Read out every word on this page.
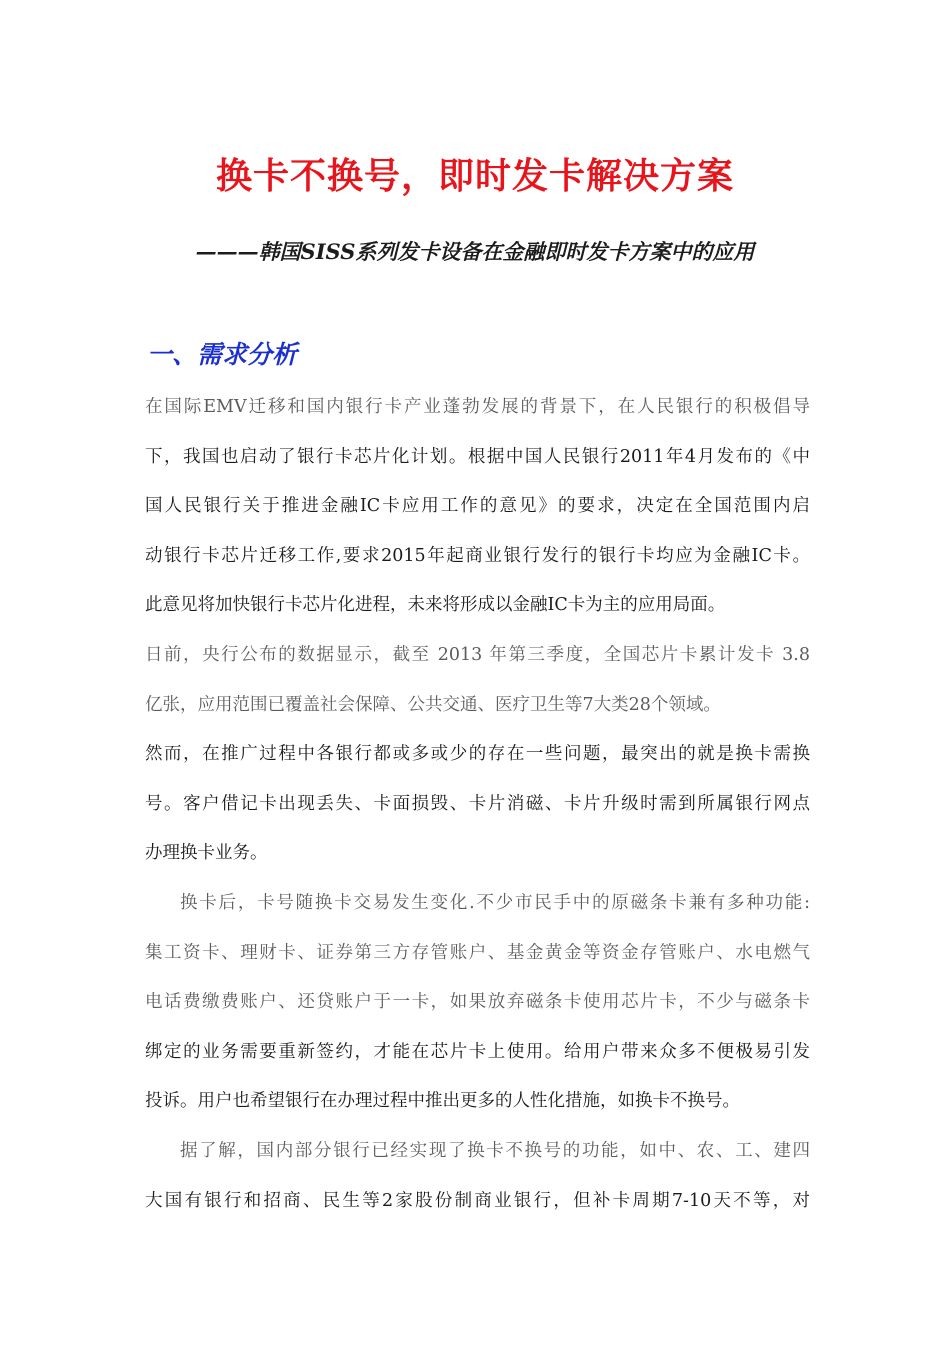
换卡不换号，即时发卡解决方案
———韩国SISS系列发卡设备在金融即时发卡方案中的应用
一、需求分析

在国际EMV迁移和国内银行卡产业蓬勃发展的背景下，在人民银行的积极倡导

下，我国也启动了银行卡芯片化计划。根据中国人民银行2011年4月发布的《中

国人民银行关于推进金融IC卡应用工作的意见》的要求，决定在全国范围内启

动银行卡芯片迁移工作,要求2015年起商业银行发行的银行卡均应为金融IC卡。

此意见将加快银行卡芯片化进程，未来将形成以金融IC卡为主的应用局面。

日前，央行公布的数据显示，截至 2013 年第三季度，全国芯片卡累计发卡 3.8

亿张，应用范围已覆盖社会保障、公共交通、医疗卫生等7大类28个领域。

然而，在推广过程中各银行都或多或少的存在一些问题，最突出的就是换卡需换

号。客户借记卡出现丢失、卡面损毁、卡片消磁、卡片升级时需到所属银行网点

办理换卡业务。

换卡后，卡号随换卡交易发生变化.不少市民手中的原磁条卡兼有多种功能:

集工资卡、理财卡、证券第三方存管账户、基金黄金等资金存管账户、水电燃气

电话费缴费账户、还贷账户于一卡，如果放弃磁条卡使用芯片卡，不少与磁条卡

绑定的业务需要重新签约，才能在芯片卡上使用。给用户带来众多不便极易引发

投诉。用户也希望银行在办理过程中推出更多的人性化措施，如换卡不换号。

据了解，国内部分银行已经实现了换卡不换号的功能，如中、农、工、建四

大国有银行和招商、民生等2家股份制商业银行，但补卡周期7-10天不等，对
